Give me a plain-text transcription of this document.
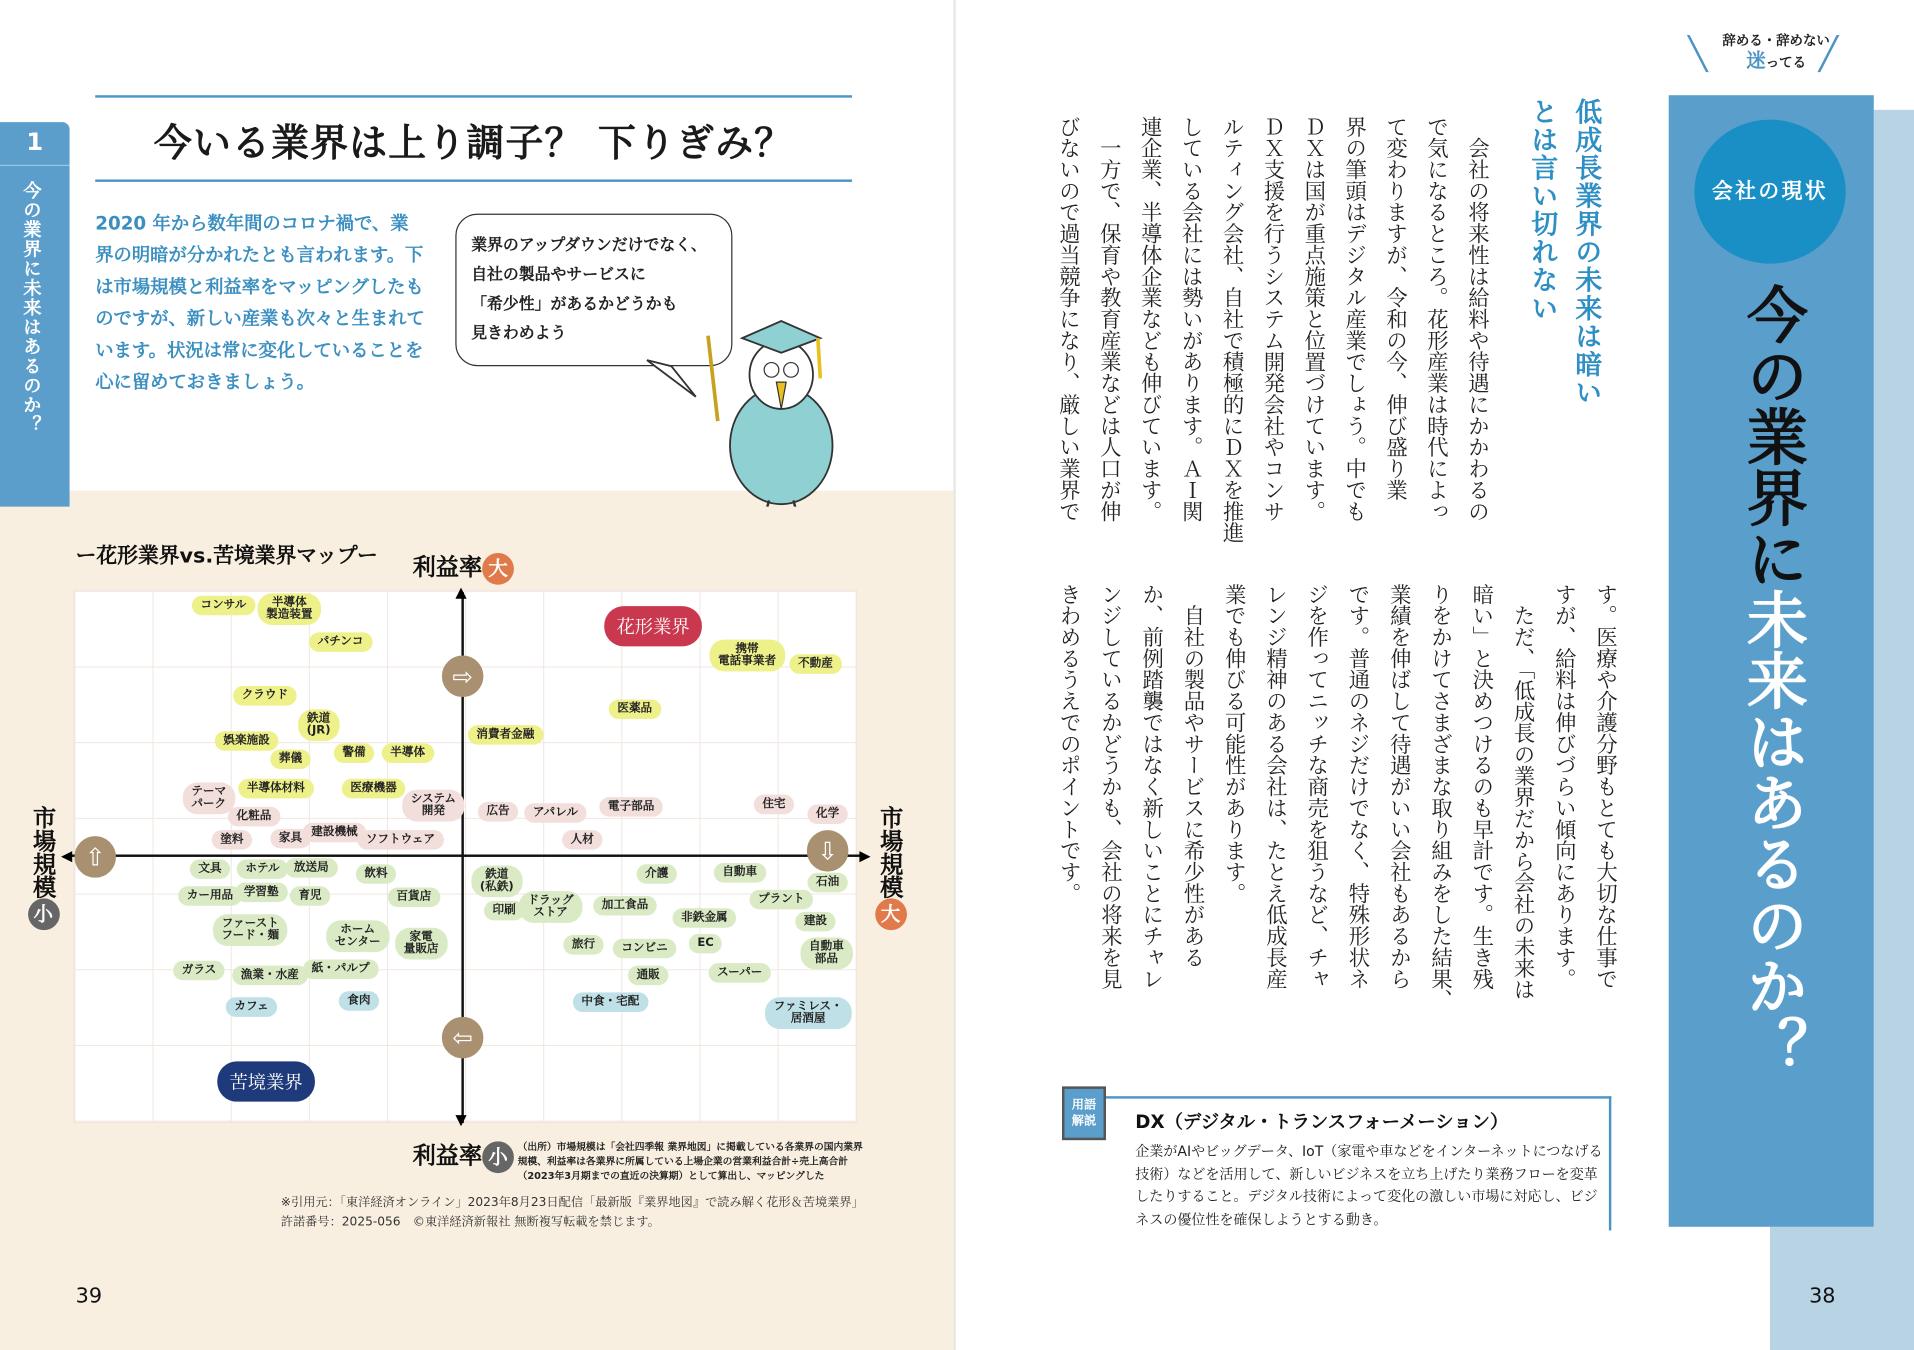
1
今の業界に未来はあるのか？
今いる業界は上り調子？ 下りぎみ？
2020 年から数年間のコロナ禍で、業界の明暗が分かれたとも言われます。下は市場規模と利益率をマッピングしたものですが、新しい産業も次々と生まれています。状況は常に変化していることを心に留めておきましょう。
業界のアップダウンだけでなく、
自社の製品やサービスに
「希少性」があるかどうかも
見きわめよう
ー花形業界vs.苦境業界マップー 利益率 大
▲
▼
◀	▶
⇨
⇦
⇧	⇩
市場規模
小
市場規模
大
利益率 小
コンサル	半導体
製造装置
パチンコ
クラウド
鉄道
(JR)
娯楽施設
葬儀	警備	半導体
半導体材料	医療機器
消費者金融
医薬品
携帯
電話事業者	不動産
テーマ
パーク
化粧品
システム
開発
塗料	家具 建設機械
ソフトウェア
広告	アパレル	電子部品
人材
住宅
化学
文具	ホテル	放送局	飲料
カー用品	学習塾	育児	百貨店
ファースト
フード・麺	ホーム
センター	家電
量販店
ガラス	漁業・水産	紙・パルプ
鉄道
(私鉄)
印刷
ドラッグ
ストア
介護
加工食品
自動車
非鉄金属
旅行	コンビニ	EC
通販	スーパー
プラント
石油
建設
自動車
部品
カフェ	食肉	中食・宅配	ファミレス・
居酒屋
花形業界
苦境業界
（出所）市場規模は「会社四季報 業界地図」に掲載している各業界の国内業界規模、利益率は各業界に所属している上場企業の営業利益合計÷売上高合計（2023年3月期までの直近の決算期）として算出し、マッピングした
※引用元：「東洋経済オンライン」2023年8月23日配信「最新版『業界地図』で読み解く花形＆苦境業界」
許諾番号：2025-056　©東洋経済新報社 無断複写転載を禁じます。
39
辞める・辞めない
迷ってる
╲	╱
会社の現状
今の業界に未来はあるのか？
低成長業界の未来は暗いとは言い切れない
　会社の将来性は給料や待遇にかかわるの
で気になるところ。花形産業は時代によっ
て変わりますが、令和の今、伸び盛り業
界の筆頭はデジタル産業でしょう。中でも
ＤＸは国が重点施策と位置づけています。
ＤＸ支援を行うシステム開発会社やコンサ
ルティング会社、自社で積極的にＤＸを推進
している会社には勢いがあります。ＡＩ関
連企業、半導体企業なども伸びています。
　一方で、保育や教育産業などは人口が伸
びないので過当競争になり、厳しい業界で
す。医療や介護分野もとても大切な仕事で
すが、給料は伸びづらい傾向にあります。
　ただ、「低成長の業界だから会社の未来は
暗い」と決めつけるのも早計です。生き残
りをかけてさまざまな取り組みをした結果、
業績を伸ばして待遇がいい会社もあるから
です。普通のネジだけでなく、特殊形状ネ
ジを作ってニッチな商売を狙うなど、チャ
レンジ精神のある会社は、たとえ低成長産
業でも伸びる可能性があります。
　自社の製品やサービスに希少性がある
か、前例踏襲ではなく新しいことにチャレ
ンジしているかどうかも、会社の将来を見
きわめるうえでのポイントです。
用語
解説	DX（デジタル・トランスフォーメーション）
企業がAIやビッグデータ、IoT（家電や車などをインターネットにつなげる技術）などを活用して、新しいビジネスを立ち上げたり業務フローを変革したりすること。デジタル技術によって変化の激しい市場に対応し、ビジネスの優位性を確保しようとする動き。
38
